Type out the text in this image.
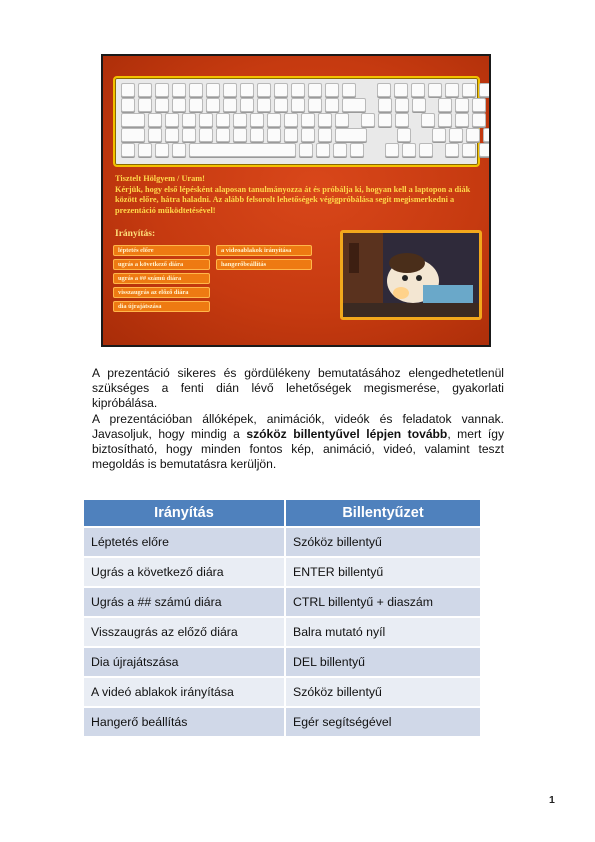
Tisztelt Hölgyem / Uram!
Kérjük, hogy első lépésként alaposan tanulmányozza át és próbálja ki, hogyan kell a laptopon a diák között előre, hátra haladni. Az alább felsorolt lehetőségek végigpróbálása segít megismerkedni a prezentáció működtetésével!
Irányítás:
léptetés előre
ugrás a következő diára
ugrás a ## számú diára
visszaugrás az előző diára
dia újrajátszása
a videoablakok irányítása
hangerőbeállítás

A prezentáció sikeres és gördülékeny bemutatásához elengedhetetlenül szükséges a fenti dián lévő lehetőségek megismerése, gyakorlati kipróbálása.

A prezentációban állóképek, animációk, videók és feladatok vannak. Javasoljuk, hogy mindig a szóköz billentyűvel lépjen tovább, mert így biztosítható, hogy minden fontos kép, animáció, videó, valamint teszt megoldás is bemutatásra kerüljön.

Irányítás	Billentyűzet
Léptetés előre	Szóköz billentyű
Ugrás a következő diára	ENTER billentyű
Ugrás a ## számú diára	CTRL billentyű + diaszám
Visszaugrás az előző diára	Balra mutató nyíl
Dia újrajátszása	DEL billentyű
A videó ablakok irányítása	Szóköz billentyű
Hangerő beállítás	Egér segítségével
1
